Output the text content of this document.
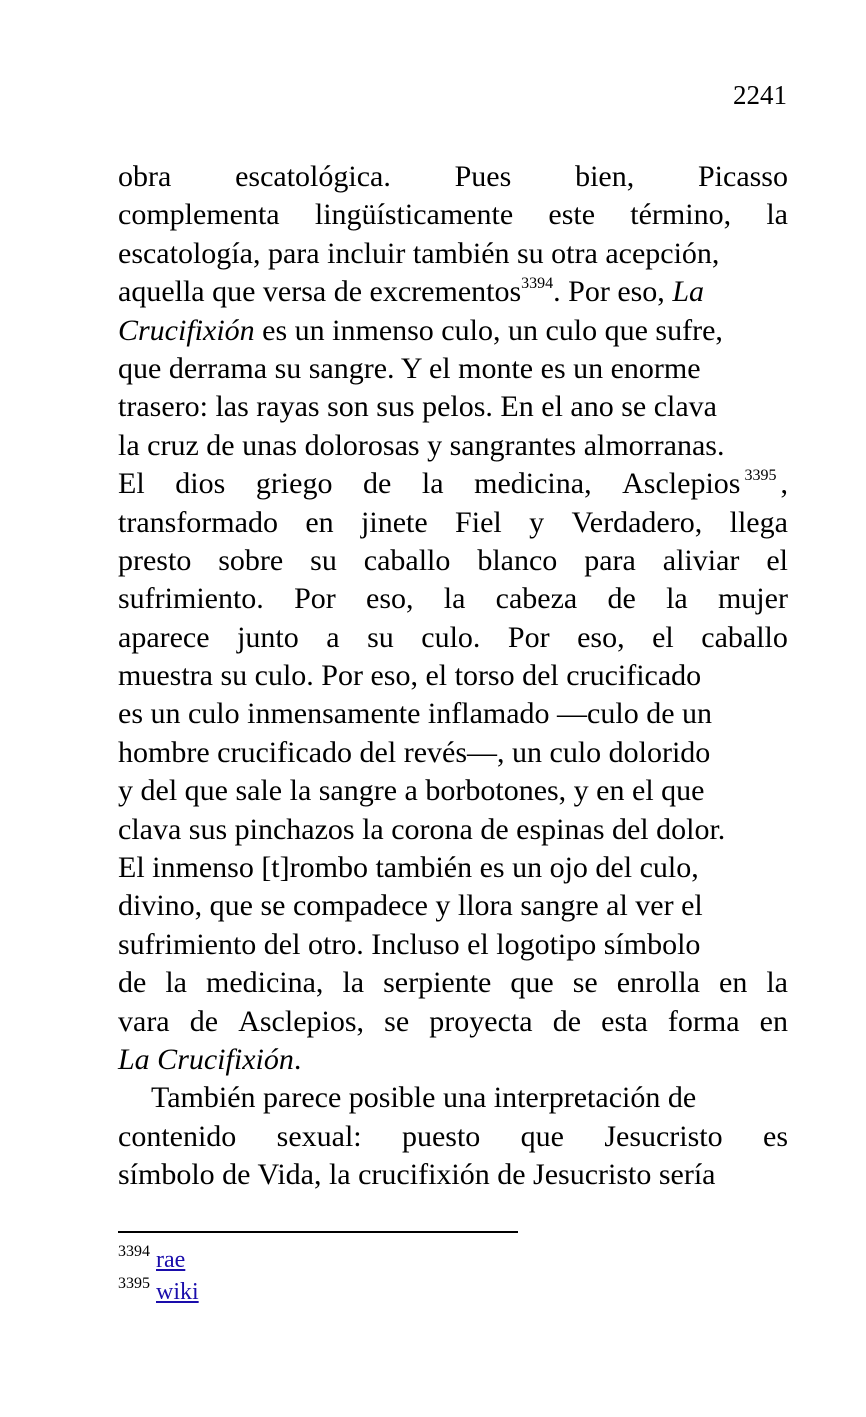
2241
obra escatológica. Pues bien, Picasso
complementa lingüísticamente este término, la
escatología, para incluir también su otra acepción,
aquella que versa de excrementos$^{3394}$. Por eso, La
Crucifixión es un inmenso culo, un culo que sufre,
que derrama su sangre. Y el monte es un enorme
trasero: las rayas son sus pelos. En el ano se clava
la cruz de unas dolorosas y sangrantes almorranas.
El dios griego de la medicina, Asclepios $^{3395}$ ,
transformado en jinete Fiel y Verdadero, llega
presto sobre su caballo blanco para aliviar el
sufrimiento. Por eso, la cabeza de la mujer
aparece junto a su culo. Por eso, el caballo
muestra su culo. Por eso, el torso del crucificado
es un culo inmensamente inflamado —culo de un
hombre crucificado del revés—, un culo dolorido
y del que sale la sangre a borbotones, y en el que
clava sus pinchazos la corona de espinas del dolor.
El inmenso [t]rombo también es un ojo del culo,
divino, que se compadece y llora sangre al ver el
sufrimiento del otro. Incluso el logotipo símbolo
de la medicina, la serpiente que se enrolla en la
vara de Asclepios, se proyecta de esta forma en
La Crucifixión.
También parece posible una interpretación de
contenido sexual: puesto que Jesucristo es
símbolo de Vida, la crucifixión de Jesucristo sería
$^{3394}$ rae
$^{3395}$ wiki
